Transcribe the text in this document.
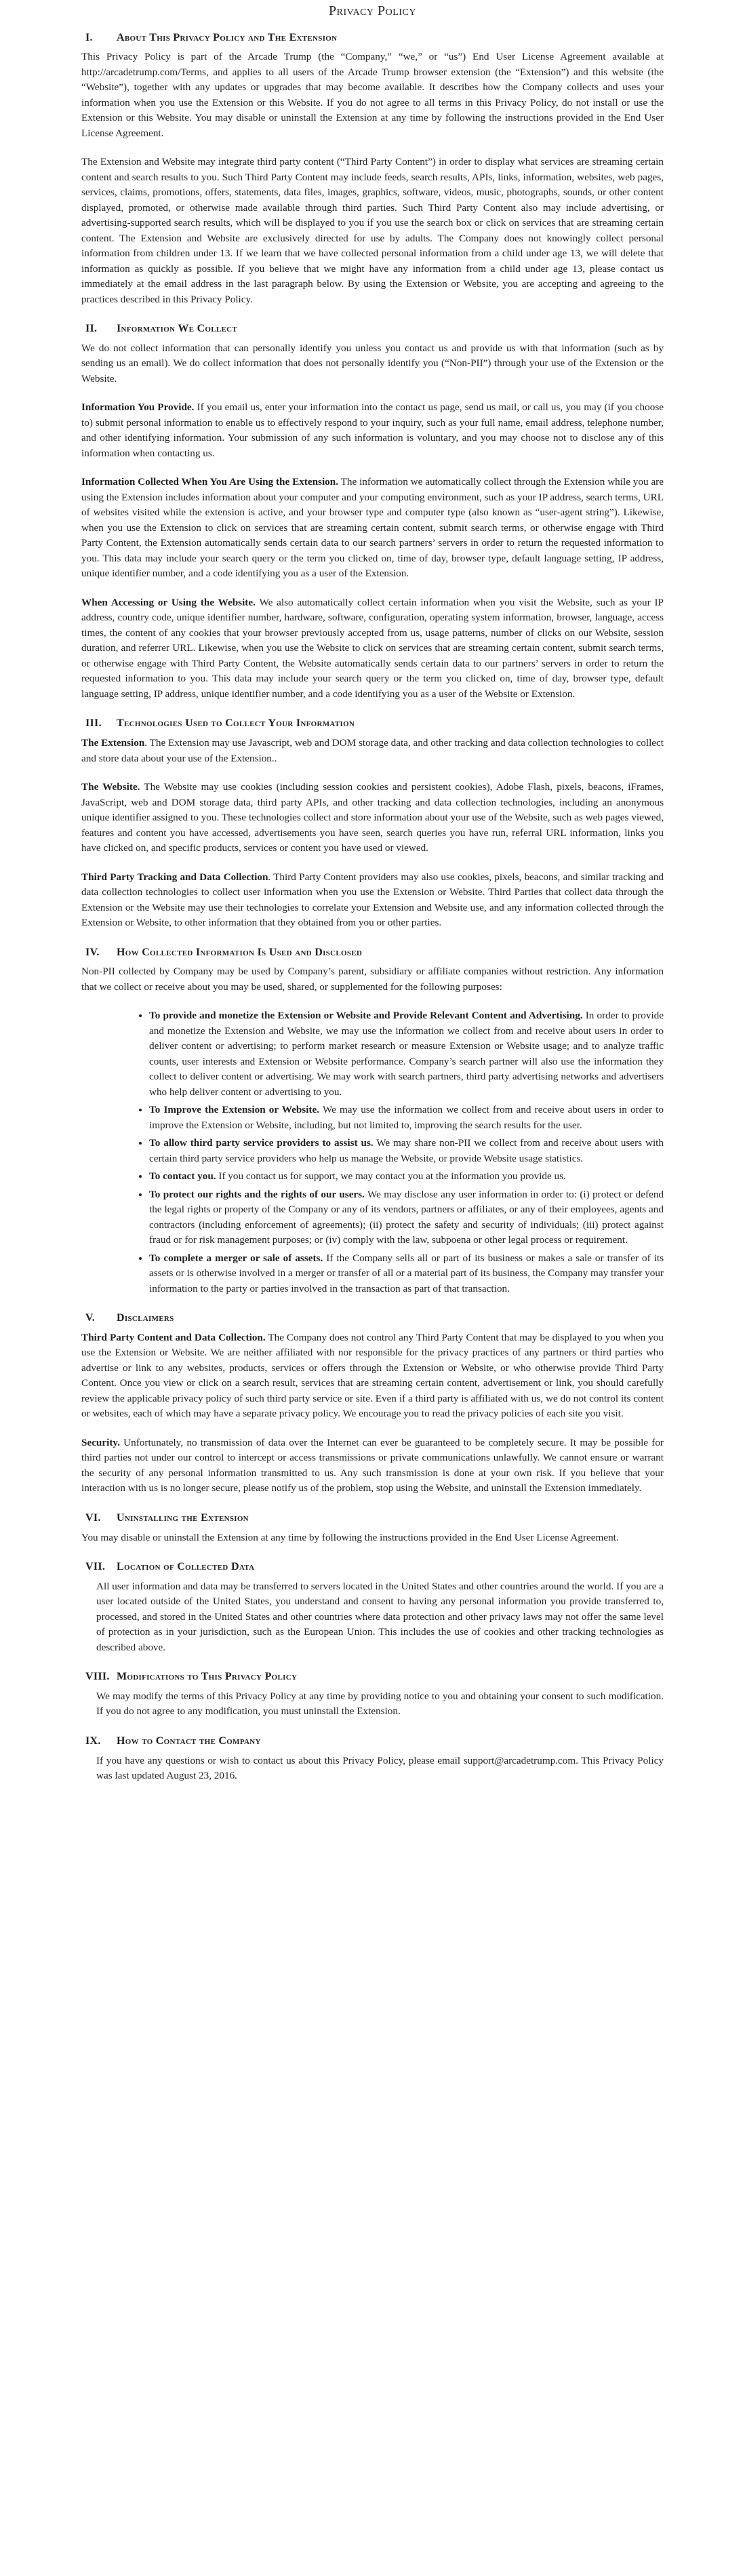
Privacy Policy
I. About This Privacy Policy and The Extension

This Privacy Policy is part of the Arcade Trump (the “Company,” “we,” or “us”) End User License Agreement available at http://arcadetrump.com/Terms, and applies to all users of the Arcade Trump browser extension (the “Extension”) and this website (the “Website”), together with any updates or upgrades that may become available. It describes how the Company collects and uses your information when you use the Extension or this Website. If you do not agree to all terms in this Privacy Policy, do not install or use the Extension or this Website. You may disable or uninstall the Extension at any time by following the instructions provided in the End User License Agreement.

The Extension and Website may integrate third party content (“Third Party Content”) in order to display what services are streaming certain content and search results to you. Such Third Party Content may include feeds, search results, APIs, links, information, websites, web pages, services, claims, promotions, offers, statements, data files, images, graphics, software, videos, music, photographs, sounds, or other content displayed, promoted, or otherwise made available through third parties. Such Third Party Content also may include advertising, or advertising-supported search results, which will be displayed to you if you use the search box or click on services that are streaming certain content. The Extension and Website are exclusively directed for use by adults. The Company does not knowingly collect personal information from children under 13. If we learn that we have collected personal information from a child under age 13, we will delete that information as quickly as possible. If you believe that we might have any information from a child under age 13, please contact us immediately at the email address in the last paragraph below. By using the Extension or Website, you are accepting and agreeing to the practices described in this Privacy Policy.

II. Information We Collect

We do not collect information that can personally identify you unless you contact us and provide us with that information (such as by sending us an email). We do collect information that does not personally identify you (“Non-PII”) through your use of the Extension or the Website.

Information You Provide. If you email us, enter your information into the contact us page, send us mail, or call us, you may (if you choose to) submit personal information to enable us to effectively respond to your inquiry, such as your full name, email address, telephone number, and other identifying information. Your submission of any such information is voluntary, and you may choose not to disclose any of this information when contacting us.

Information Collected When You Are Using the Extension. The information we automatically collect through the Extension while you are using the Extension includes information about your computer and your computing environment, such as your IP address, search terms, URL of websites visited while the extension is active, and your browser type and computer type (also known as “user-agent string”). Likewise, when you use the Extension to click on services that are streaming certain content, submit search terms, or otherwise engage with Third Party Content, the Extension automatically sends certain data to our search partners’ servers in order to return the requested information to you. This data may include your search query or the term you clicked on, time of day, browser type, default language setting, IP address, unique identifier number, and a code identifying you as a user of the Extension.

When Accessing or Using the Website. We also automatically collect certain information when you visit the Website, such as your IP address, country code, unique identifier number, hardware, software, configuration, operating system information, browser, language, access times, the content of any cookies that your browser previously accepted from us, usage patterns, number of clicks on our Website, session duration, and referrer URL. Likewise, when you use the Website to click on services that are streaming certain content, submit search terms, or otherwise engage with Third Party Content, the Website automatically sends certain data to our partners’ servers in order to return the requested information to you. This data may include your search query or the term you clicked on, time of day, browser type, default language setting, IP address, unique identifier number, and a code identifying you as a user of the Website or Extension.

III. Technologies Used to Collect Your Information

The Extension. The Extension may use Javascript, web and DOM storage data, and other tracking and data collection technologies to collect and store data about your use of the Extension..

The Website. The Website may use cookies (including session cookies and persistent cookies), Adobe Flash, pixels, beacons, iFrames, JavaScript, web and DOM storage data, third party APIs, and other tracking and data collection technologies, including an anonymous unique identifier assigned to you. These technologies collect and store information about your use of the Website, such as web pages viewed, features and content you have accessed, advertisements you have seen, search queries you have run, referral URL information, links you have clicked on, and specific products, services or content you have used or viewed.

Third Party Tracking and Data Collection. Third Party Content providers may also use cookies, pixels, beacons, and similar tracking and data collection technologies to collect user information when you use the Extension or Website. Third Parties that collect data through the Extension or the Website may use their technologies to correlate your Extension and Website use, and any information collected through the Extension or Website, to other information that they obtained from you or other parties.

IV. How Collected Information Is Used and Disclosed

Non-PII collected by Company may be used by Company’s parent, subsidiary or affiliate companies without restriction. Any information that we collect or receive about you may be used, shared, or supplemented for the following purposes:

• To provide and monetize the Extension or Website and Provide Relevant Content and Advertising. In order to provide and monetize the Extension and Website, we may use the information we collect from and receive about users in order to deliver content or advertising; to perform market research or measure Extension or Website usage; and to analyze traffic counts, user interests and Extension or Website performance. Company’s search partner will also use the information they collect to deliver content or advertising. We may work with search partners, third party advertising networks and advertisers who help deliver content or advertising to you.
• To Improve the Extension or Website. We may use the information we collect from and receive about users in order to improve the Extension or Website, including, but not limited to, improving the search results for the user.
• To allow third party service providers to assist us. We may share non-PII we collect from and receive about users with certain third party service providers who help us manage the Website, or provide Website usage statistics.
• To contact you. If you contact us for support, we may contact you at the information you provide us.
• To protect our rights and the rights of our users. We may disclose any user information in order to: (i) protect or defend the legal rights or property of the Company or any of its vendors, partners or affiliates, or any of their employees, agents and contractors (including enforcement of agreements); (ii) protect the safety and security of individuals; (iii) protect against fraud or for risk management purposes; or (iv) comply with the law, subpoena or other legal process or requirement.
• To complete a merger or sale of assets. If the Company sells all or part of its business or makes a sale or transfer of its assets or is otherwise involved in a merger or transfer of all or a material part of its business, the Company may transfer your information to the party or parties involved in the transaction as part of that transaction.
V. Disclaimers

Third Party Content and Data Collection. The Company does not control any Third Party Content that may be displayed to you when you use the Extension or Website. We are neither affiliated with nor responsible for the privacy practices of any partners or third parties who advertise or link to any websites, products, services or offers through the Extension or Website, or who otherwise provide Third Party Content. Once you view or click on a search result, services that are streaming certain content, advertisement or link, you should carefully review the applicable privacy policy of such third party service or site. Even if a third party is affiliated with us, we do not control its content or websites, each of which may have a separate privacy policy. We encourage you to read the privacy policies of each site you visit.

Security. Unfortunately, no transmission of data over the Internet can ever be guaranteed to be completely secure. It may be possible for third parties not under our control to intercept or access transmissions or private communications unlawfully. We cannot ensure or warrant the security of any personal information transmitted to us. Any such transmission is done at your own risk. If you believe that your interaction with us is no longer secure, please notify us of the problem, stop using the Website, and uninstall the Extension immediately.

VI. Uninstalling the Extension

You may disable or uninstall the Extension at any time by following the instructions provided in the End User License Agreement.

VII. Location of Collected Data

All user information and data may be transferred to servers located in the United States and other countries around the world. If you are a user located outside of the United States, you understand and consent to having any personal information you provide transferred to, processed, and stored in the United States and other countries where data protection and other privacy laws may not offer the same level of protection as in your jurisdiction, such as the European Union. This includes the use of cookies and other tracking technologies as described above.

VIII. Modifications to This Privacy Policy

We may modify the terms of this Privacy Policy at any time by providing notice to you and obtaining your consent to such modification. If you do not agree to any modification, you must uninstall the Extension.

IX. How to Contact the Company

If you have any questions or wish to contact us about this Privacy Policy, please email support@arcadetrump.com. This Privacy Policy was last updated August 23, 2016.
